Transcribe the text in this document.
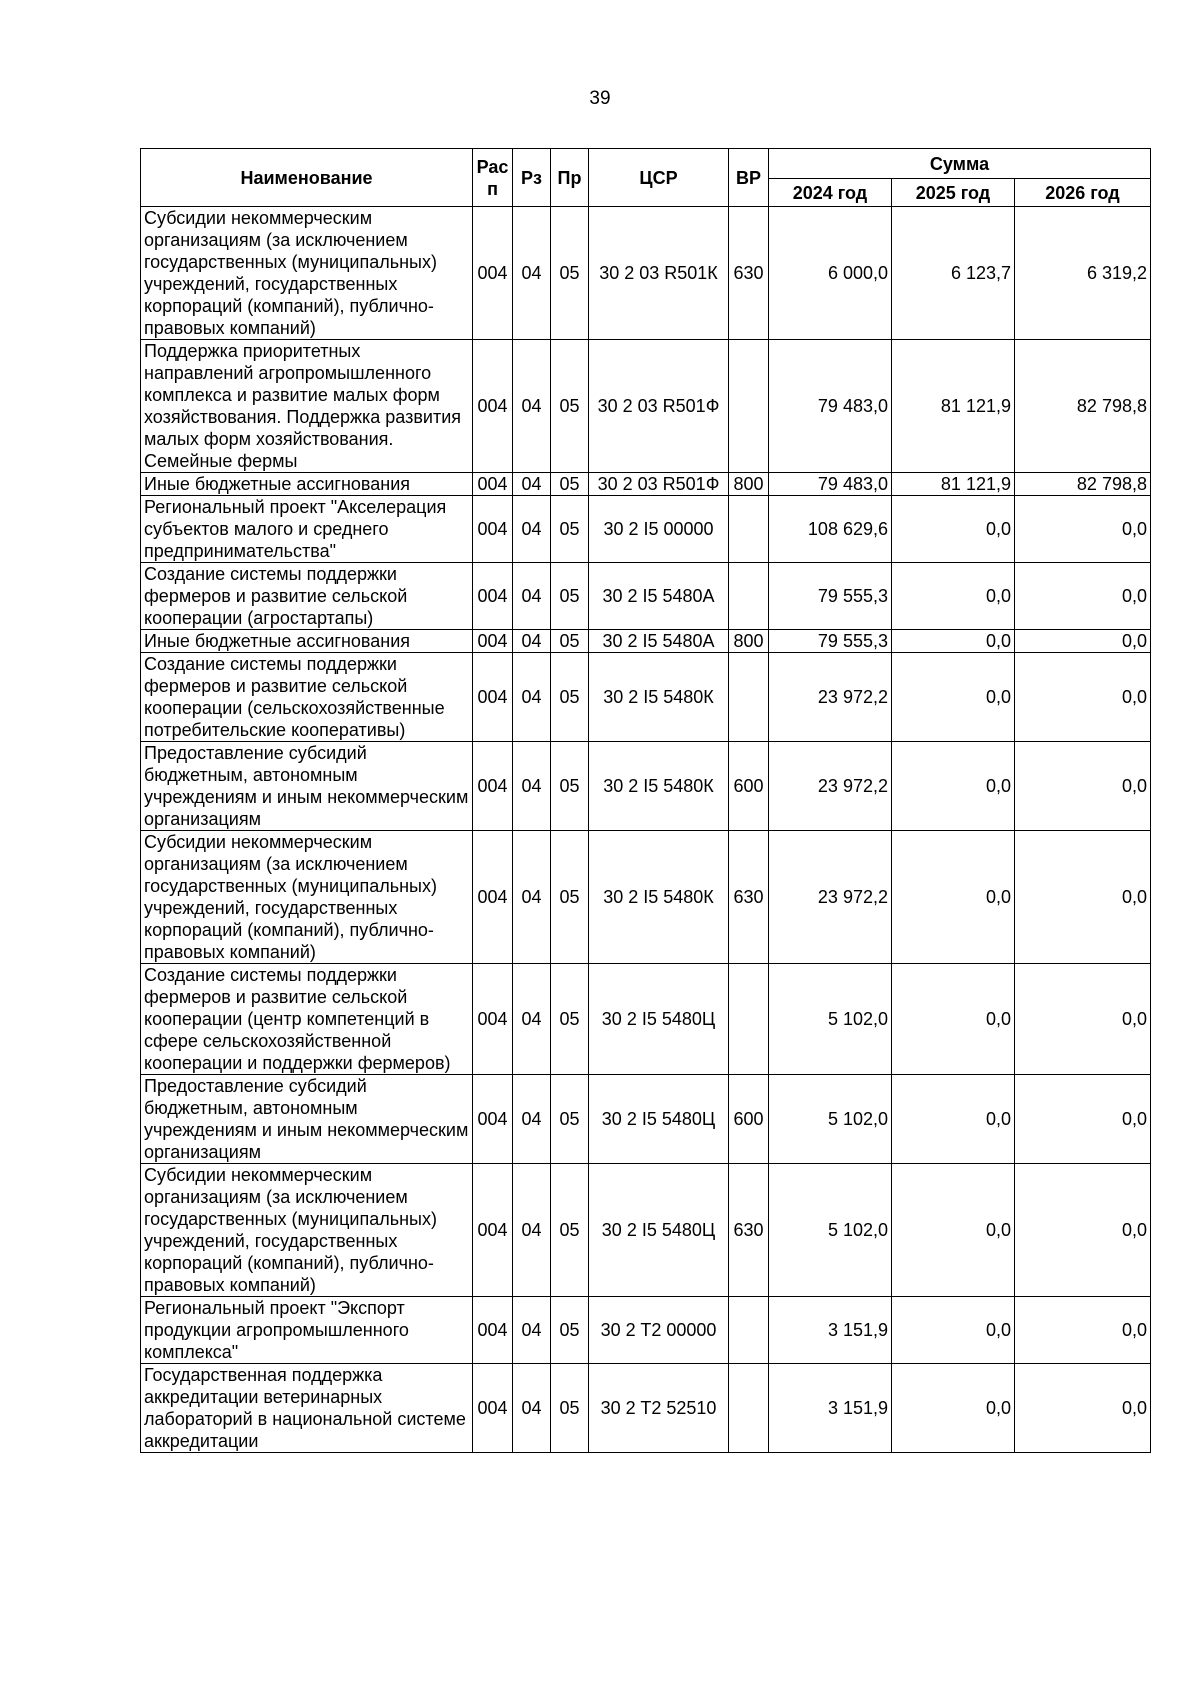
39
Наименование	Рас п	Рз	Пр	ЦСР	ВР	Сумма		
						2024 год	2025 год	2026 год
Субсидии некоммерческим организациям (за исключением государственных (муниципальных) учреждений, государственных корпораций (компаний), публично-правовых компаний)	004	04	05	30 2 03 R501К	630	6 000,0	6 123,7	6 319,2
Поддержка приоритетных направлений агропромышленного комплекса и развитие малых форм хозяйствования. Поддержка развития малых форм хозяйствования. Семейные фермы	004	04	05	30 2 03 R501Ф		79 483,0	81 121,9	82 798,8
Иные бюджетные ассигнования	004	04	05	30 2 03 R501Ф	800	79 483,0	81 121,9	82 798,8
Региональный проект "Акселерация субъектов малого и среднего предпринимательства"	004	04	05	30 2 I5 00000		108 629,6	0,0	0,0
Создание системы поддержки фермеров и развитие сельской кооперации (агростартапы)	004	04	05	30 2 I5 5480А		79 555,3	0,0	0,0
Иные бюджетные ассигнования	004	04	05	30 2 I5 5480А	800	79 555,3	0,0	0,0
Создание системы поддержки фермеров и развитие сельской кооперации (сельскохозяйственные потребительские кооперативы)	004	04	05	30 2 I5 5480К		23 972,2	0,0	0,0
Предоставление субсидий бюджетным, автономным учреждениям и иным некоммерческим организациям	004	04	05	30 2 I5 5480К	600	23 972,2	0,0	0,0
Субсидии некоммерческим организациям (за исключением государственных (муниципальных) учреждений, государственных корпораций (компаний), публично-правовых компаний)	004	04	05	30 2 I5 5480К	630	23 972,2	0,0	0,0
Создание системы поддержки фермеров и развитие сельской кооперации (центр компетенций в сфере сельскохозяйственной кооперации и поддержки фермеров)	004	04	05	30 2 I5 5480Ц		5 102,0	0,0	0,0
Предоставление субсидий бюджетным, автономным учреждениям и иным некоммерческим организациям	004	04	05	30 2 I5 5480Ц	600	5 102,0	0,0	0,0
Субсидии некоммерческим организациям (за исключением государственных (муниципальных) учреждений, государственных корпораций (компаний), публично-правовых компаний)	004	04	05	30 2 I5 5480Ц	630	5 102,0	0,0	0,0
Региональный проект "Экспорт продукции агропромышленного комплекса"	004	04	05	30 2 T2 00000		3 151,9	0,0	0,0
Государственная поддержка аккредитации ветеринарных лабораторий в национальной системе аккредитации	004	04	05	30 2 T2 52510		3 151,9	0,0	0,0
